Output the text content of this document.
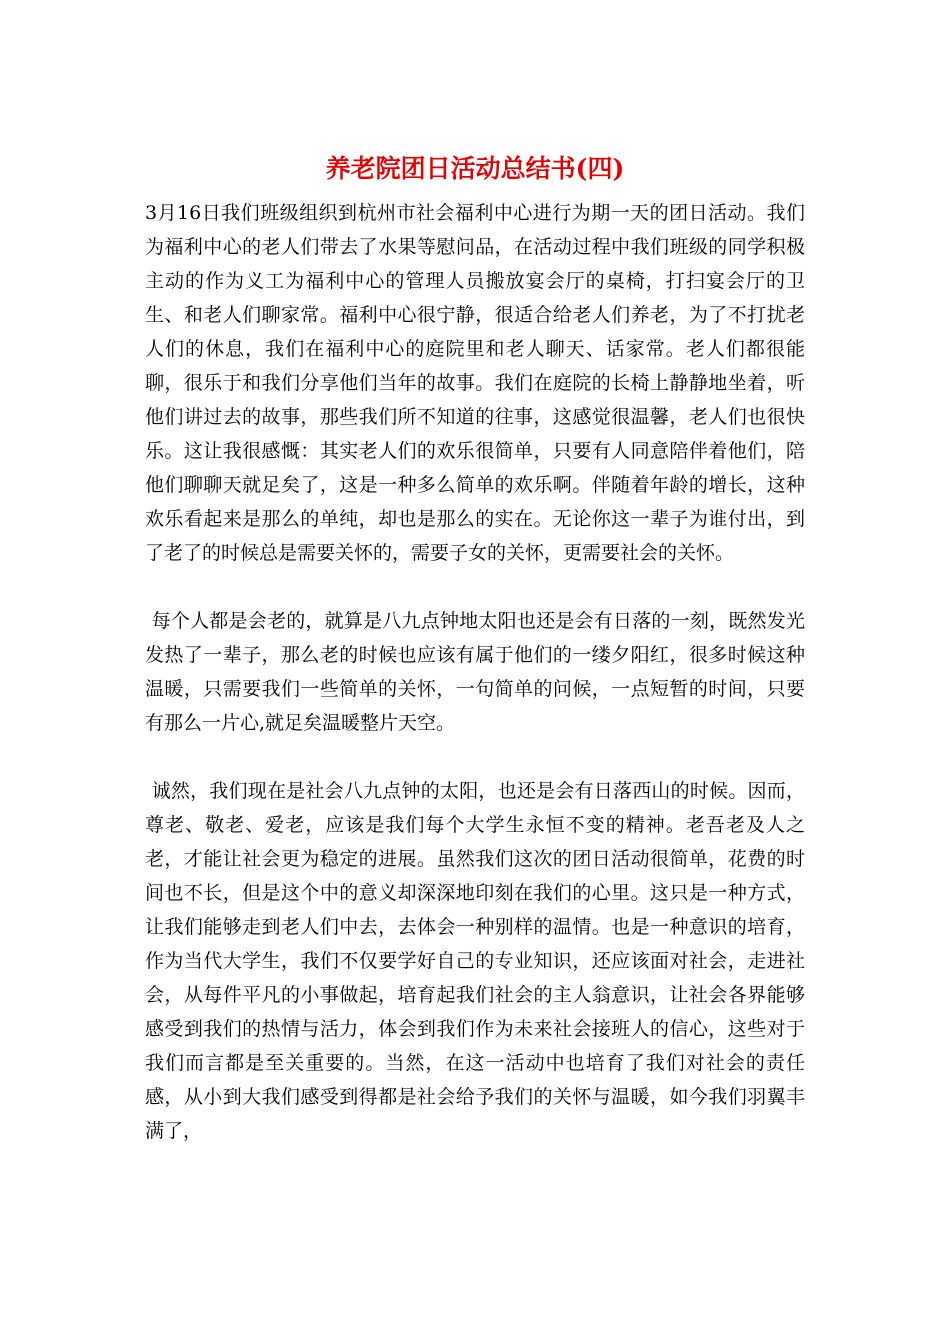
养老院团日活动总结书(四)

3月16日我们班级组织到杭州市社会福利中心进行为期一天的团日活动。我们为福利中心的老人们带去了水果等慰问品，在活动过程中我们班级的同学积极主动的作为义工为福利中心的管理人员搬放宴会厅的桌椅，打扫宴会厅的卫生、和老人们聊家常。福利中心很宁静，很适合给老人们养老，为了不打扰老人们的休息，我们在福利中心的庭院里和老人聊天、话家常。老人们都很能聊，很乐于和我们分享他们当年的故事。我们在庭院的长椅上静静地坐着，听他们讲过去的故事，那些我们所不知道的往事，这感觉很温馨，老人们也很快乐。这让我很感慨：其实老人们的欢乐很简单，只要有人同意陪伴着他们，陪他们聊聊天就足矣了，这是一种多么简单的欢乐啊。伴随着年龄的增长，这种欢乐看起来是那么的单纯，却也是那么的实在。无论你这一辈子为谁付出，到了老了的时候总是需要关怀的，需要子女的关怀，更需要社会的关怀。

每个人都是会老的，就算是八九点钟地太阳也还是会有日落的一刻，既然发光发热了一辈子，那么老的时候也应该有属于他们的一缕夕阳红，很多时候这种温暖，只需要我们一些简单的关怀，一句简单的问候，一点短暂的时间，只要有那么一片心,就足矣温暖整片天空。

诚然，我们现在是社会八九点钟的太阳，也还是会有日落西山的时候。因而，尊老、敬老、爱老，应该是我们每个大学生永恒不变的精神。老吾老及人之老，才能让社会更为稳定的进展。虽然我们这次的团日活动很简单，花费的时间也不长，但是这个中的意义却深深地印刻在我们的心里。这只是一种方式，让我们能够走到老人们中去，去体会一种别样的温情。也是一种意识的培育，作为当代大学生，我们不仅要学好自己的专业知识，还应该面对社会，走进社会，从每件平凡的小事做起，培育起我们社会的主人翁意识，让社会各界能够感受到我们的热情与活力，体会到我们作为未来社会接班人的信心，这些对于我们而言都是至关重要的。当然，在这一活动中也培育了我们对社会的责任感，从小到大我们感受到得都是社会给予我们的关怀与温暖，如今我们羽翼丰满了，
